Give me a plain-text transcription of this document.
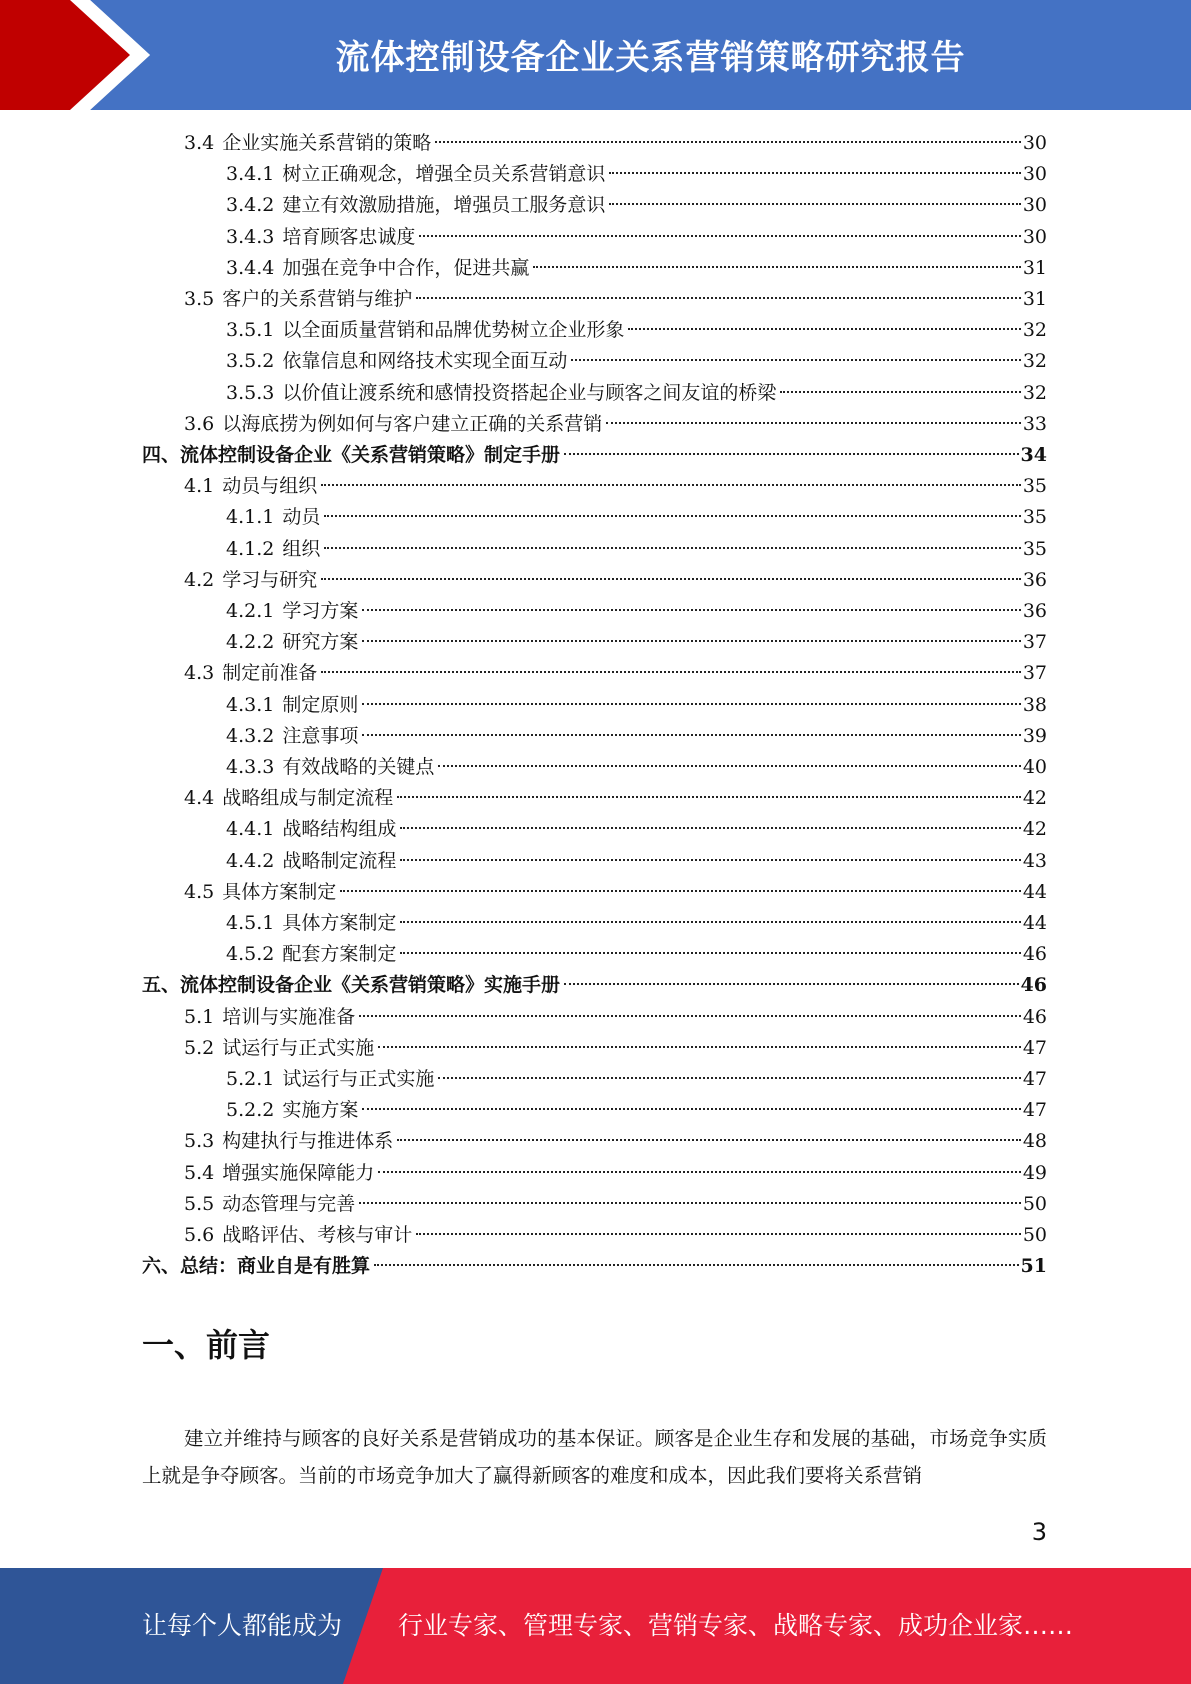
流体控制设备企业关系营销策略研究报告
3.4 企业实施关系营销的策略	30
3.4.1 树立正确观念，增强全员关系营销意识	30
3.4.2 建立有效激励措施，增强员工服务意识	30
3.4.3 培育顾客忠诚度	30
3.4.4 加强在竞争中合作，促进共赢	31
3.5 客户的关系营销与维护	31
3.5.1 以全面质量营销和品牌优势树立企业形象	32
3.5.2 依靠信息和网络技术实现全面互动	32
3.5.3 以价值让渡系统和感情投资搭起企业与顾客之间友谊的桥梁	32
3.6 以海底捞为例如何与客户建立正确的关系营销	33
四、 流体控制设备企业《关系营销策略》制定手册	34
4.1 动员与组织	35
4.1.1 动员	35
4.1.2 组织	35
4.2 学习与研究	36
4.2.1 学习方案	36
4.2.2 研究方案	37
4.3 制定前准备	37
4.3.1 制定原则	38
4.3.2 注意事项	39
4.3.3 有效战略的关键点	40
4.4 战略组成与制定流程	42
4.4.1 战略结构组成	42
4.4.2 战略制定流程	43
4.5 具体方案制定	44
4.5.1 具体方案制定	44
4.5.2 配套方案制定	46
五、 流体控制设备企业《关系营销策略》实施手册	46
5.1 培训与实施准备	46
5.2 试运行与正式实施	47
5.2.1 试运行与正式实施	47
5.2.2 实施方案	47
5.3 构建执行与推进体系	48
5.4 增强实施保障能力	49
5.5 动态管理与完善	50
5.6 战略评估、考核与审计	50
六、 总结：商业自是有胜算	51
一、前言
建立并维持与顾客的良好关系是营销成功的基本保证。顾客是企业生存和发展的基础，市场竞争实质上就是争夺顾客。当前的市场竞争加大了赢得新顾客的难度和成本，因此我们要将关系营销
3
让每个人都能成为 行业专家、管理专家、营销专家、战略专家、成功企业家……
